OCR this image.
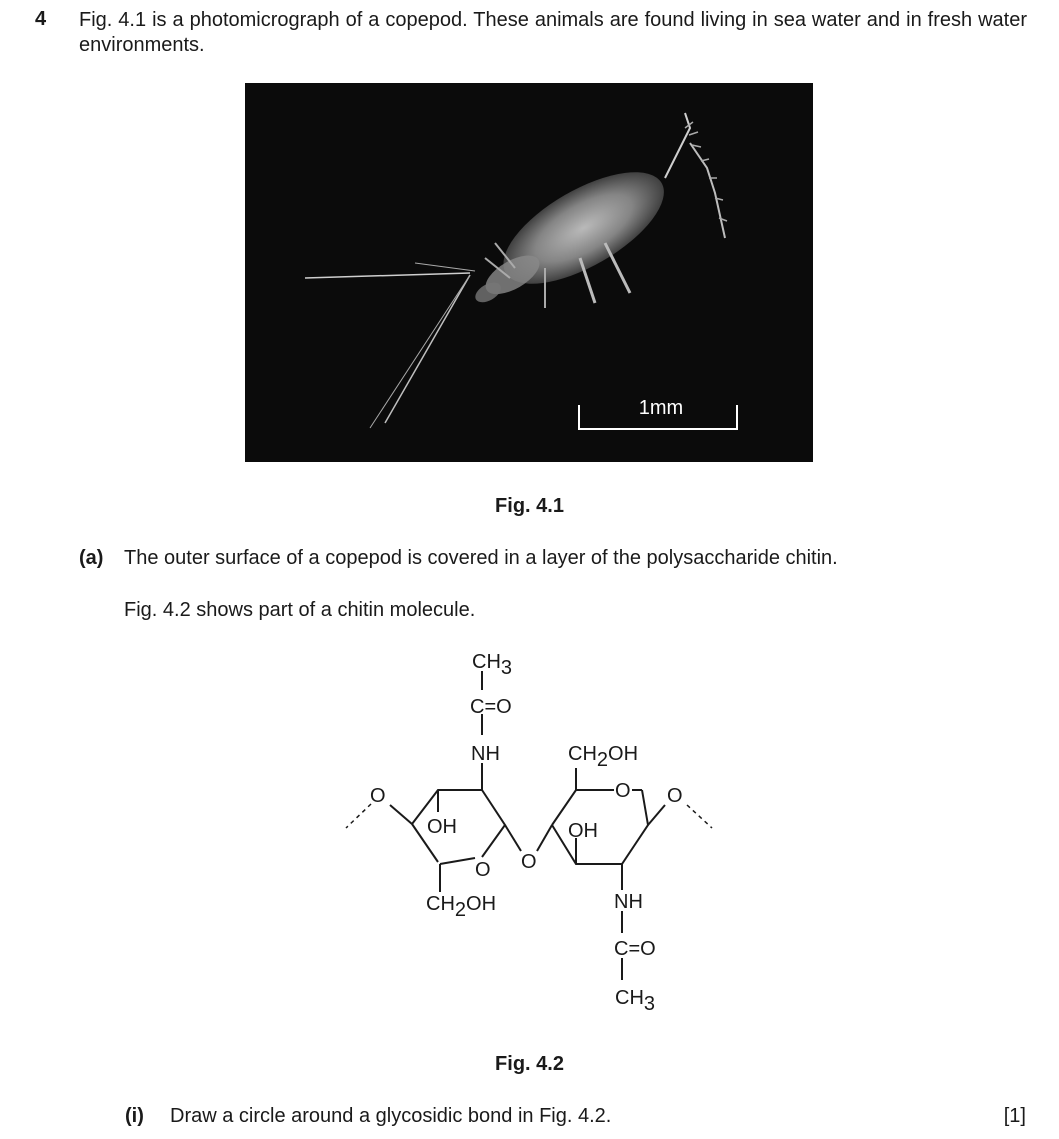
4 Fig. 4.1 is a photomicrograph of a copepod. These animals are found living in sea water and in fresh water environments.
1mm
Fig. 4.1
(a) The outer surface of a copepod is covered in a layer of the polysaccharide chitin.
Fig. 4.2 shows part of a chitin molecule.
CH3
C=O
NH	CH2OH
O
O	O
OH	OH
O O
CH2OH	NH
C=O
CH3
Fig. 4.2
(i) Draw a circle around a glycosidic bond in Fig. 4.2.	[1]
